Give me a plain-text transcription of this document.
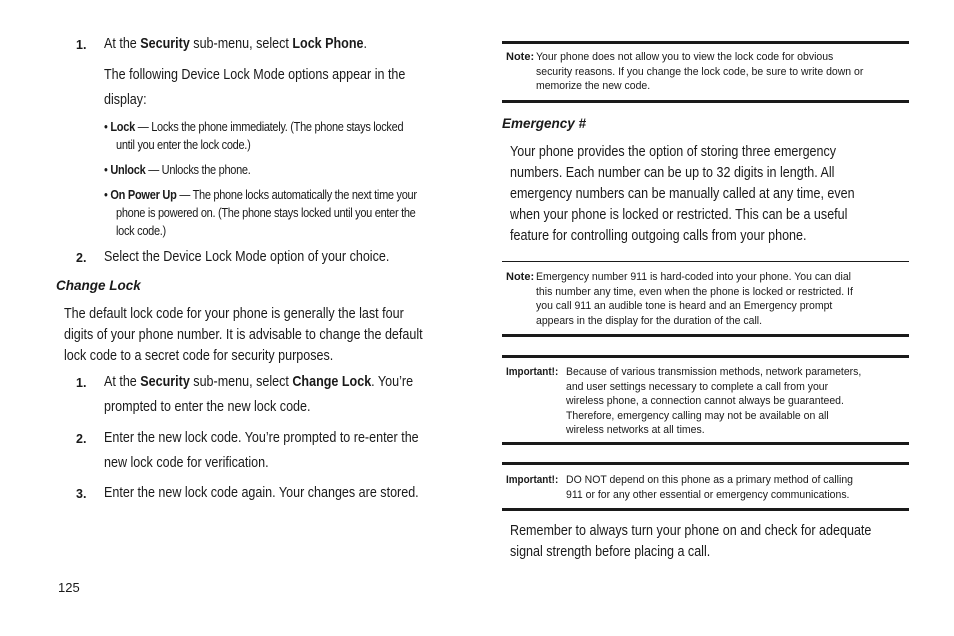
1. At the Security sub-menu, select Lock Phone.
The following Device Lock Mode options appear in the
display:
• Lock — Locks the phone immediately. (The phone stays locked
until you enter the lock code.)
• Unlock — Unlocks the phone.
• On Power Up — The phone locks automatically the next time your
phone is powered on. (The phone stays locked until you enter the
lock code.)
2. Select the Device Lock Mode option of your choice.
Change Lock
The default lock code for your phone is generally the last four
digits of your phone number. It is advisable to change the default
lock code to a secret code for security purposes.
1. At the Security sub-menu, select Change Lock. You’re
prompted to enter the new lock code.
2. Enter the new lock code. You’re prompted to re-enter the
new lock code for verification.
3. Enter the new lock code again. Your changes are stored.
125
Note: Your phone does not allow you to view the lock code for obvious
security reasons. If you change the lock code, be sure to write down or
memorize the new code.
Emergency #
Your phone provides the option of storing three emergency
numbers. Each number can be up to 32 digits in length. All
emergency numbers can be manually called at any time, even
when your phone is locked or restricted. This can be a useful
feature for controlling outgoing calls from your phone.
Note: Emergency number 911 is hard-coded into your phone. You can dial
this number any time, even when the phone is locked or restricted. If
you call 911 an audible tone is heard and an Emergency prompt
appears in the display for the duration of the call.
Important!: Because of various transmission methods, network parameters,
and user settings necessary to complete a call from your
wireless phone, a connection cannot always be guaranteed.
Therefore, emergency calling may not be available on all
wireless networks at all times.
Important!: DO NOT depend on this phone as a primary method of calling
911 or for any other essential or emergency communications.
Remember to always turn your phone on and check for adequate
signal strength before placing a call.
